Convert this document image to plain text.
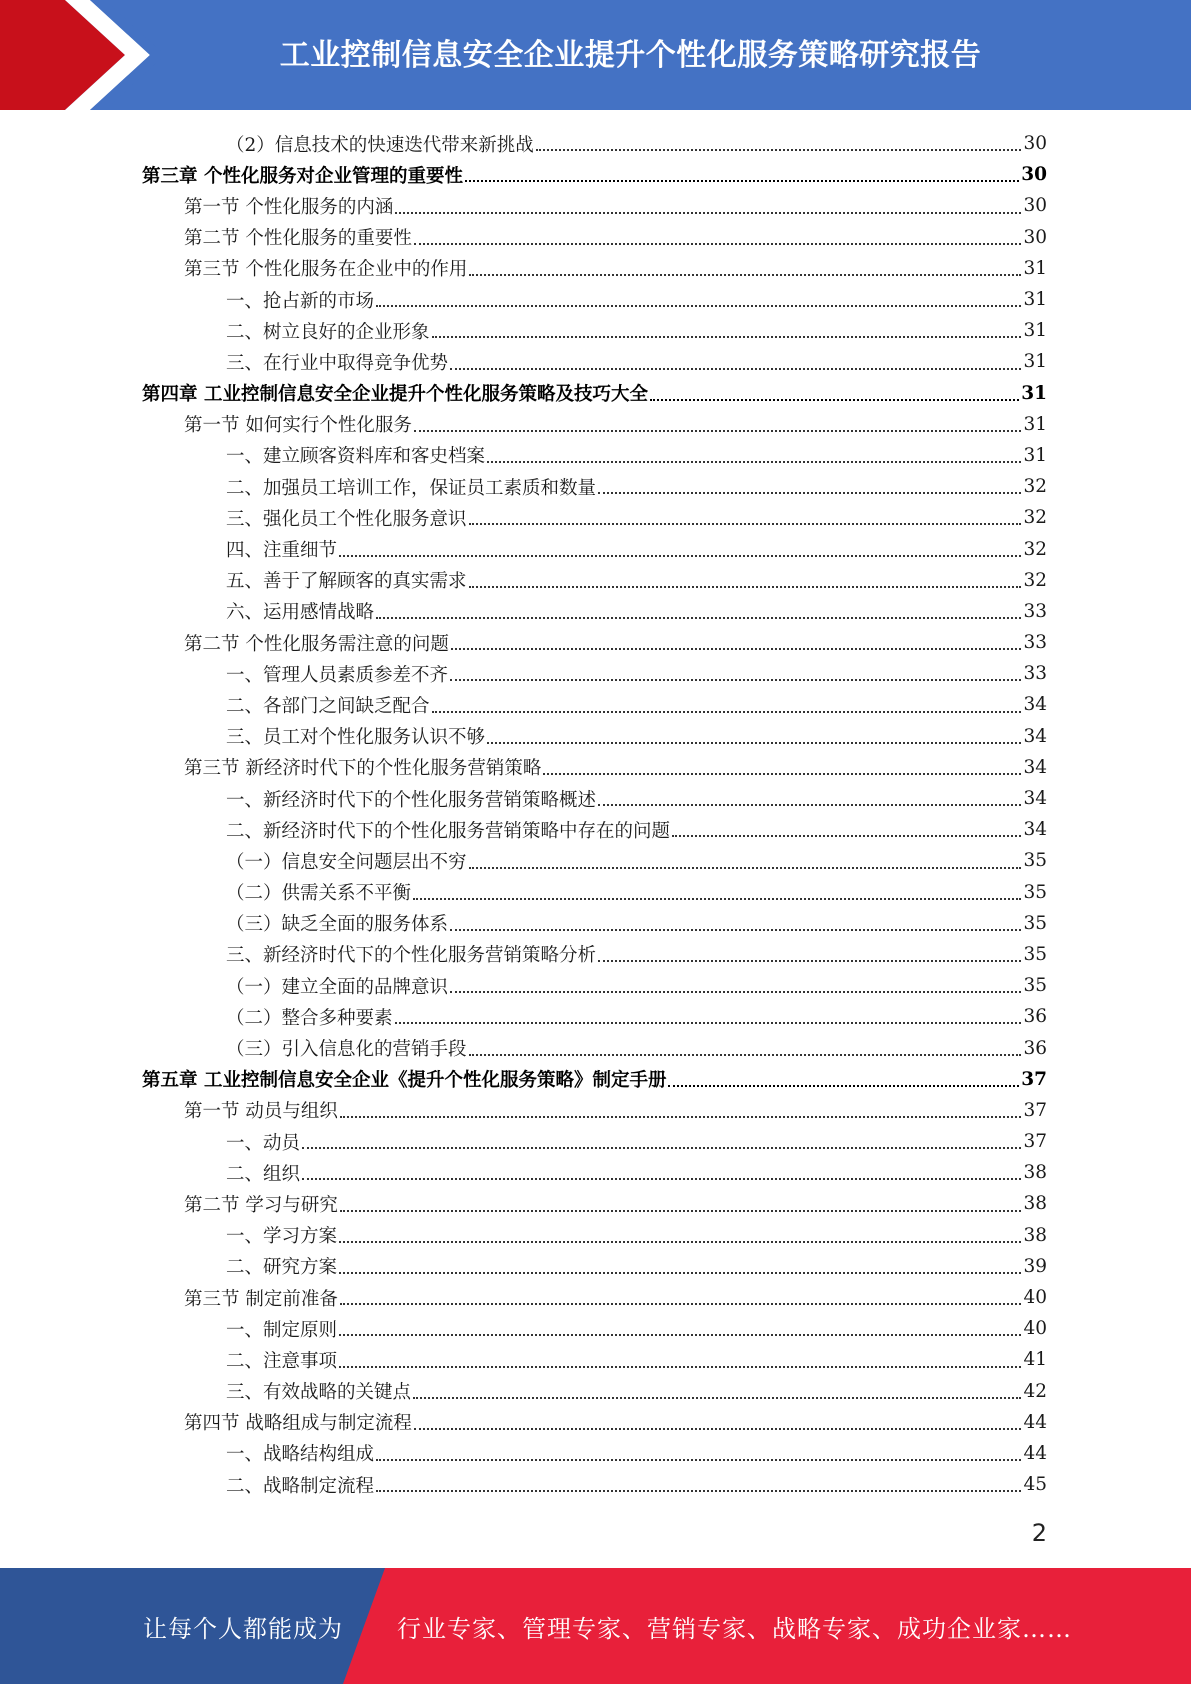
工业控制信息安全企业提升个性化服务策略研究报告
（2）信息技术的快速迭代带来新挑战	30
第三章 个性化服务对企业管理的重要性	30
第一节 个性化服务的内涵	30
第二节 个性化服务的重要性	30
第三节 个性化服务在企业中的作用	31
一、抢占新的市场	31
二、树立良好的企业形象	31
三、在行业中取得竞争优势	31
第四章 工业控制信息安全企业提升个性化服务策略及技巧大全	31
第一节 如何实行个性化服务	31
一、建立顾客资料库和客史档案	31
二、加强员工培训工作，保证员工素质和数量	32
三、强化员工个性化服务意识	32
四、注重细节	32
五、善于了解顾客的真实需求	32
六、运用感情战略	33
第二节 个性化服务需注意的问题	33
一、管理人员素质参差不齐	33
二、各部门之间缺乏配合	34
三、员工对个性化服务认识不够	34
第三节 新经济时代下的个性化服务营销策略	34
一、新经济时代下的个性化服务营销策略概述	34
二、新经济时代下的个性化服务营销策略中存在的问题	34
（一）信息安全问题层出不穷	35
（二）供需关系不平衡	35
（三）缺乏全面的服务体系	35
三、新经济时代下的个性化服务营销策略分析	35
（一）建立全面的品牌意识	35
（二）整合多种要素	36
（三）引入信息化的营销手段	36
第五章 工业控制信息安全企业《提升个性化服务策略》制定手册	37
第一节 动员与组织	37
一、动员	37
二、组织	38
第二节 学习与研究	38
一、学习方案	38
二、研究方案	39
第三节 制定前准备	40
一、制定原则	40
二、注意事项	41
三、有效战略的关键点	42
第四节 战略组成与制定流程	44
一、战略结构组成	44
二、战略制定流程	45
2
让每个人都能成为 行业专家、管理专家、营销专家、战略专家、成功企业家……
